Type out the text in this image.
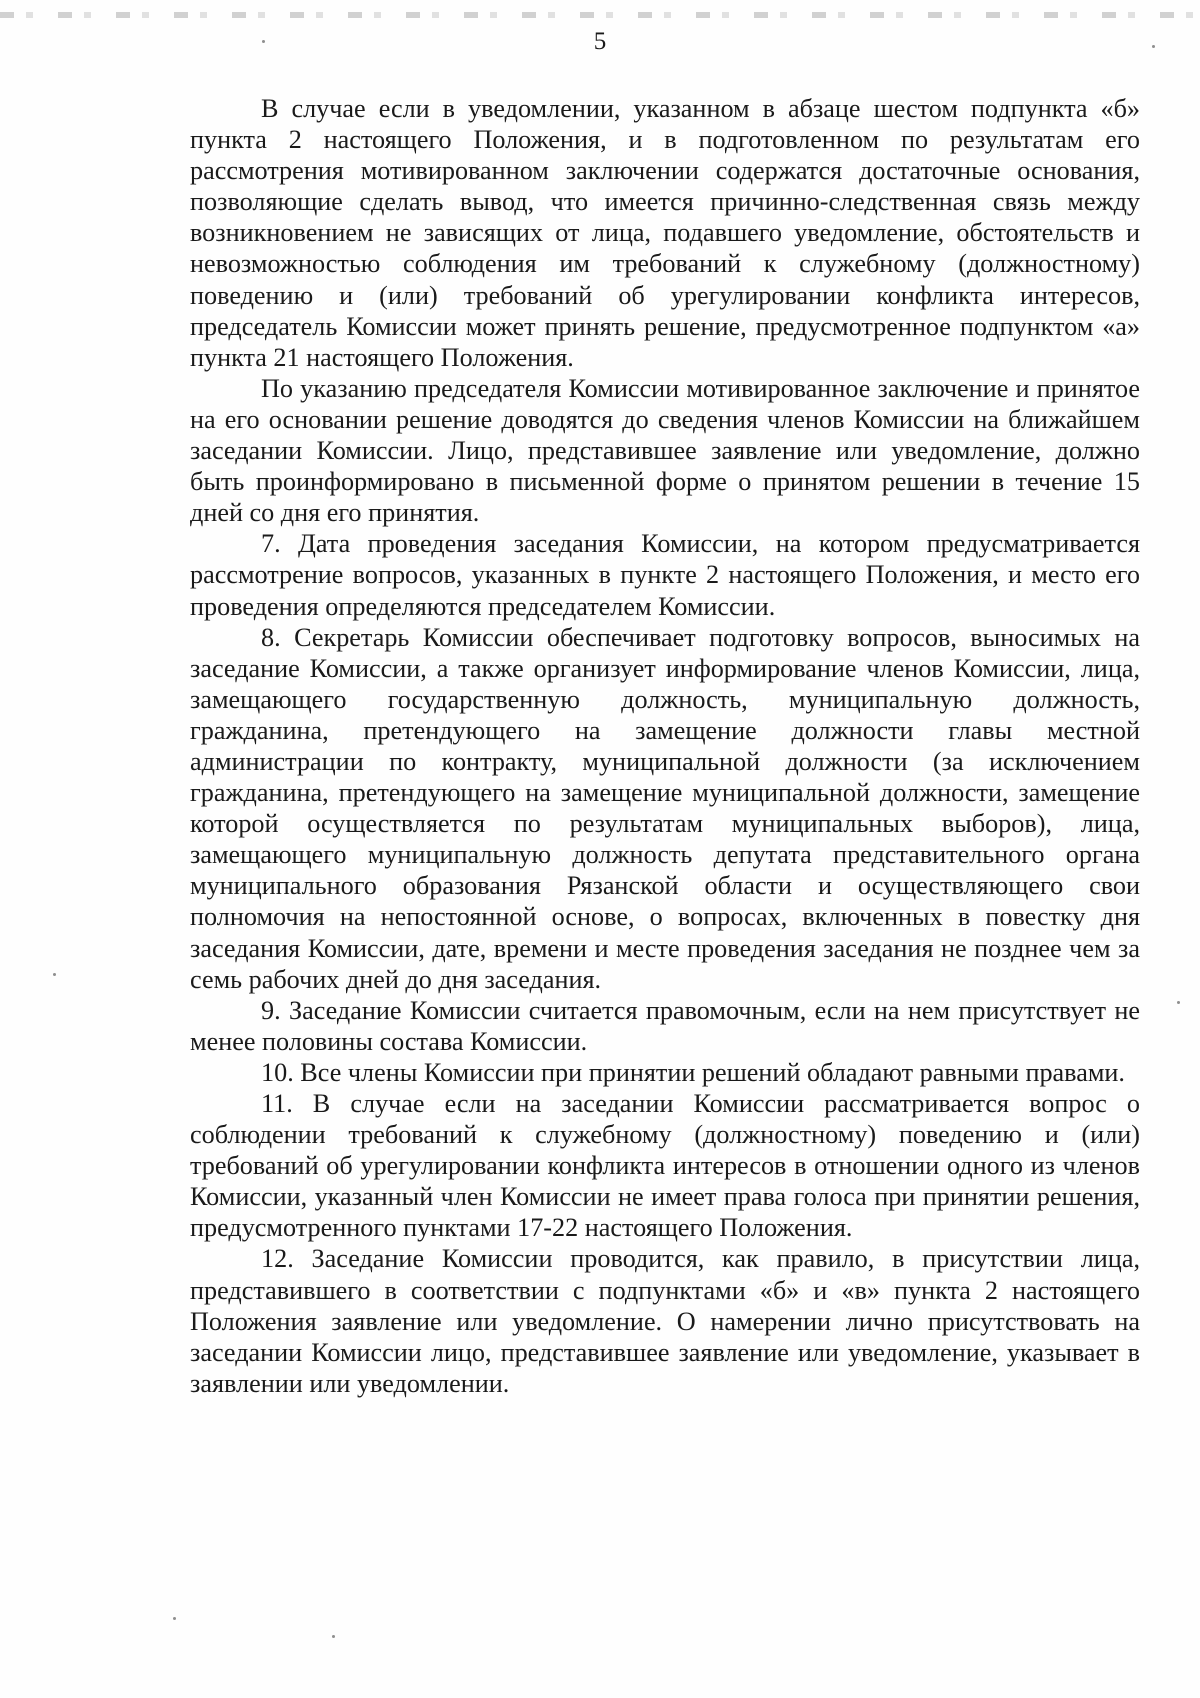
5

В случае если в уведомлении, указанном в абзаце шестом подпункта «б» пункта 2 настоящего Положения, и в подготовленном по результатам его рассмотрения мотивированном заключении содержатся достаточные основания, позволяющие сделать вывод, что имеется причинно-следственная связь между возникновением не зависящих от лица, подавшего уведомление, обстоятельств и невозможностью соблюдения им требований к служебному (должностному) поведению и (или) требований об урегулировании конфликта интересов, председатель Комиссии может принять решение, предусмотренное подпунктом «а» пункта 21 настоящего Положения.

По указанию председателя Комиссии мотивированное заключение и принятое на его основании решение доводятся до сведения членов Комиссии на ближайшем заседании Комиссии. Лицо, представившее заявление или уведомление, должно быть проинформировано в письменной форме о принятом решении в течение 15 дней со дня его принятия.

7. Дата проведения заседания Комиссии, на котором предусматривается рассмотрение вопросов, указанных в пункте 2 настоящего Положения, и место его проведения определяются председателем Комиссии.

8. Секретарь Комиссии обеспечивает подготовку вопросов, выносимых на заседание Комиссии, а также организует информирование членов Комиссии, лица, замещающего государственную должность, муниципальную должность, гражданина, претендующего на замещение должности главы местной администрации по контракту, муниципальной должности (за исключением гражданина, претендующего на замещение муниципальной должности, замещение которой осуществляется по результатам муниципальных выборов), лица, замещающего муниципальную должность депутата представительного органа муниципального образования Рязанской области и осуществляющего свои полномочия на непостоянной основе, о вопросах, включенных в повестку дня заседания Комиссии, дате, времени и месте проведения заседания не позднее чем за семь рабочих дней до дня заседания.

9. Заседание Комиссии считается правомочным, если на нем присутствует не менее половины состава Комиссии.

10. Все члены Комиссии при принятии решений обладают равными правами.

11. В случае если на заседании Комиссии рассматривается вопрос о соблюдении требований к служебному (должностному) поведению и (или) требований об урегулировании конфликта интересов в отношении одного из членов Комиссии, указанный член Комиссии не имеет права голоса при принятии решения, предусмотренного пунктами 17-22 настоящего Положения.

12. Заседание Комиссии проводится, как правило, в присутствии лица, представившего в соответствии с подпунктами «б» и «в» пункта 2 настоящего Положения заявление или уведомление. О намерении лично присутствовать на заседании Комиссии лицо, представившее заявление или уведомление, указывает в заявлении или уведомлении.
